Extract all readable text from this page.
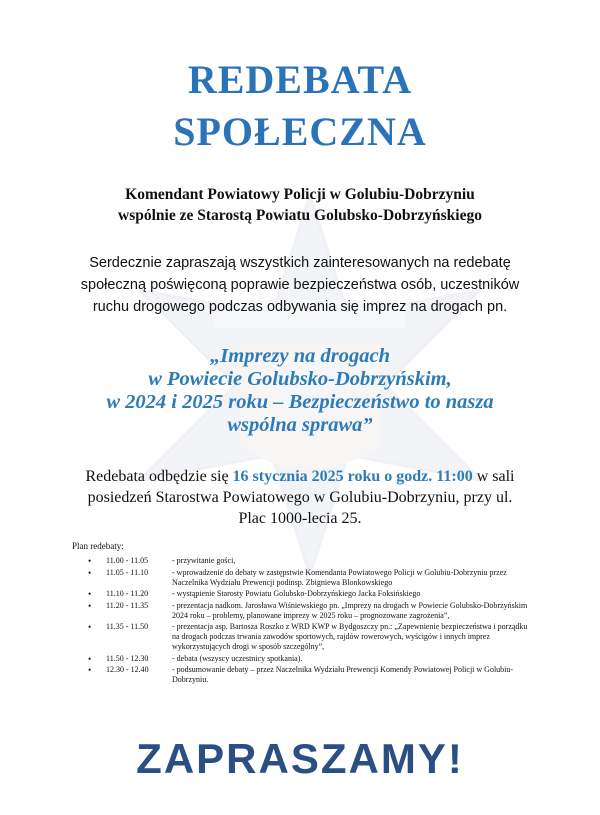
REDEBATA
SPOŁECZNA
Komendant Powiatowy Policji w Golubiu-Dobrzyniu
wspólnie ze Starostą Powiatu Golubsko-Dobrzyńskiego
Serdecznie zapraszają wszystkich zainteresowanych na redebatę
społeczną poświęconą poprawie bezpieczeństwa osób, uczestników
ruchu drogowego podczas odbywania się imprez na drogach pn.
„Imprezy na drogach
w Powiecie Golubsko-Dobrzyńskim,
w 2024 i 2025 roku – Bezpieczeństwo to nasza
wspólna sprawa”
Redebata odbędzie się 16 stycznia 2025 roku o godz. 11:00 w sali
posiedzeń Starostwa Powiatowego w Golubiu-Dobrzyniu, przy ul.
Plac 1000-lecia 25.
Plan redebaty:
• 11.00 - 11.05	- przywitanie gości,
• 11.05 - 11.10	- wprowadzenie do debaty w zastępstwie Komendanta Powiatowego Policji w Golubiu-Dobrzyniu przez Naczelnika Wydziału Prewencji podinsp. Zbigniewa Blonkowskiego
• 11.10 - 11.20	- wystąpienie Starosty Powiatu Golubsko-Dobrzyńskiego Jacka Foksińskiego
• 11.20 - 11.35	- prezentacja nadkom. Jarosława Wiśniewskiego pn. „Imprezy na drogach w Powiecie Golubsko-Dobrzyńskim 2024 roku – problemy, planowane imprezy w 2025 roku – prognozowane zagrożenia”,
• 11.35 - 11.50	- prezentacja asp. Bartosza Roszko z WRD KWP w Bydgoszczy pn.: „Zapewnienie bezpieczeństwa i porządku na drogach podczas trwania zawodów sportowych, rajdów rowerowych, wyścigów i innych imprez wykorzystujących drogi w sposób szczególny”,
• 11.50 - 12.30	- debata (wszyscy uczestnicy spotkania).
• 12.30 - 12.40	- podsumowanie debaty – przez Naczelnika Wydziału Prewencji Komendy Powiatowej Policji w Golubiu-Dobrzyniu.
ZAPRASZAMY!
